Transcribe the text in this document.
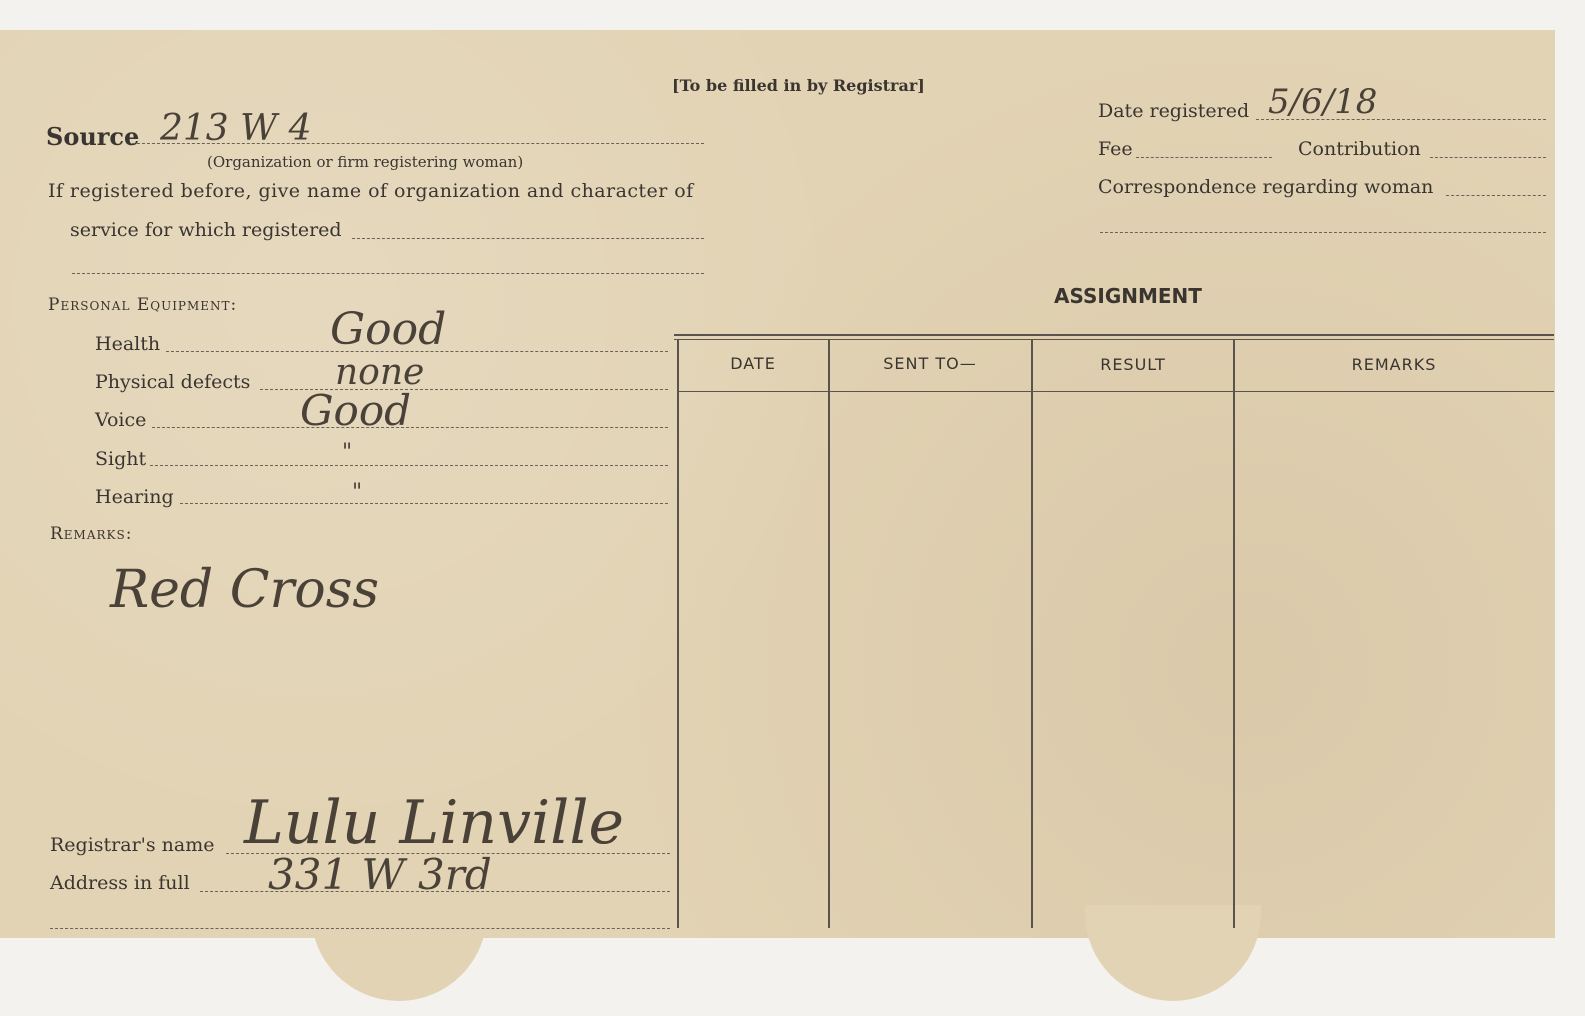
[To be filled in by Registrar]
Source 213 W 4
(Organization or firm registering woman)
If registered before, give name of organization and character of
service for which registered
Date registered 5/6/18
Fee	Contribution
Correspondence regarding woman
Personal Equipment:
Health	Good
Physical defects none
Voice	Good
Sight	"
Hearing	"
Remarks:
Red Cross
Registrar's name Lulu Linville
Address in full 331 W 3rd
ASSIGNMENT
DATE	SENT TO—	RESULT	REMARKS
